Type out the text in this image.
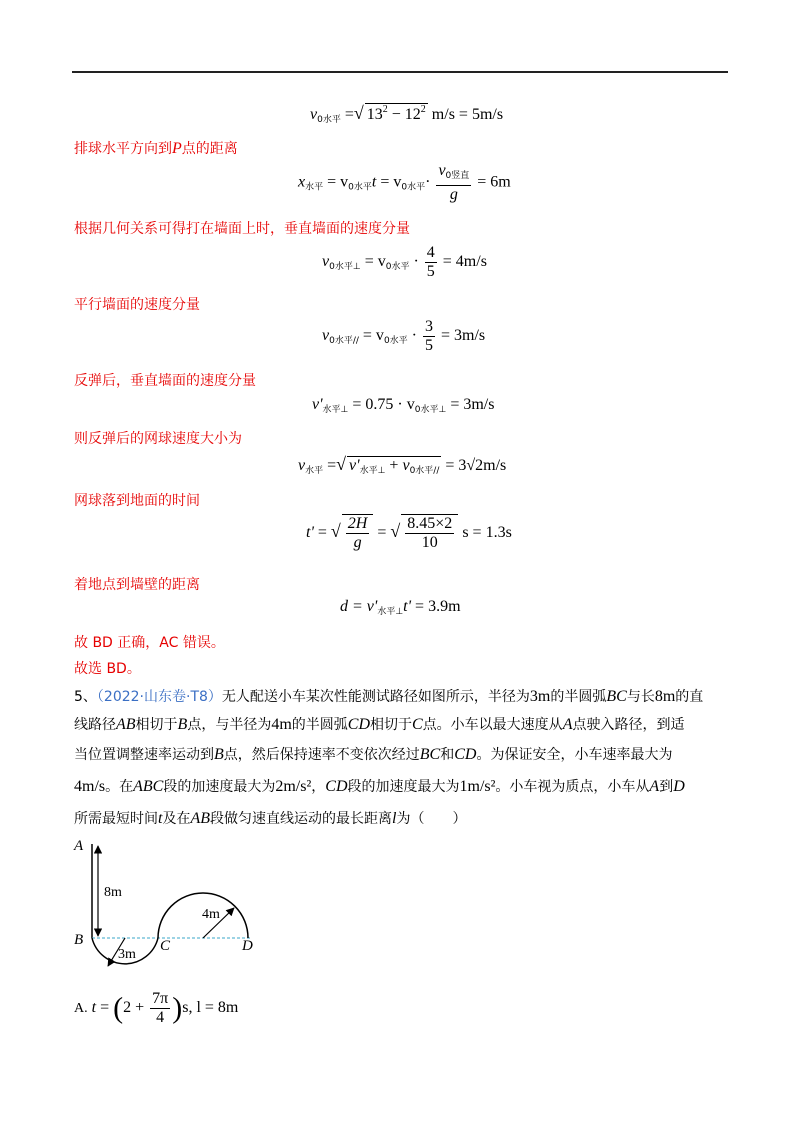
$v_{0水平}$ =√ $13^2 - 12^2$ m/s = 5m/s
排球水平方向到P点的距离
$x_{水平} = v_{0水平}t = v_{0水平}\cdot \frac{v_{0竖直}}{g} = 6m$
根据几何关系可得打在墙面上时，垂直墙面的速度分量
$v_{0水平\perp} = v_{0水平} \cdot \frac{4}{5} = 4m/s$
平行墙面的速度分量
$v_{0水平//} = v_{0水平} \cdot \frac{3}{5} = 3m/s$
反弹后，垂直墙面的速度分量
$v'_{水平\perp} = 0.75 \cdot v_{0水平\perp} = 3m/s$
则反弹后的网球速度大小为
$v_{水平}$ =√ $v'_{水平\perp} + v_{0水平//} = 3√2m/s$
网球落到地面的时间
t' = √ $\frac{2H}{g}$ = √ $\frac{8.45\times 2}{10}$ s = 1.3s
着地点到墙壁的距离
$d = v'_{水平\perp}t' = 3.9m$
故 BD 正确，AC 错误。
故选 BD。
5、（2022·山东卷·T8）无人配送小车某次性能测试路径如图所示，半径为3m的半圆弧BC与长8m的直
线路径AB相切于B点，与半径为4m的半圆弧CD相切于C点。小车以最大速度从A点驶入路径，到适
当位置调整速率运动到B点，然后保持速率不变依次经过BC和CD。为保证安全，小车速率最大为
4m/s。在ABC段的加速度最大为2m/s²，CD段的加速度最大为1m/s²。小车视为质点，小车从A到D
所需最短时间t及在AB段做匀速直线运动的最长距离l为（　　）
A
B	C	D
8m
3m
4m
A. $t = (2 + \frac{7\pi}{4} )s$, l = 8m
